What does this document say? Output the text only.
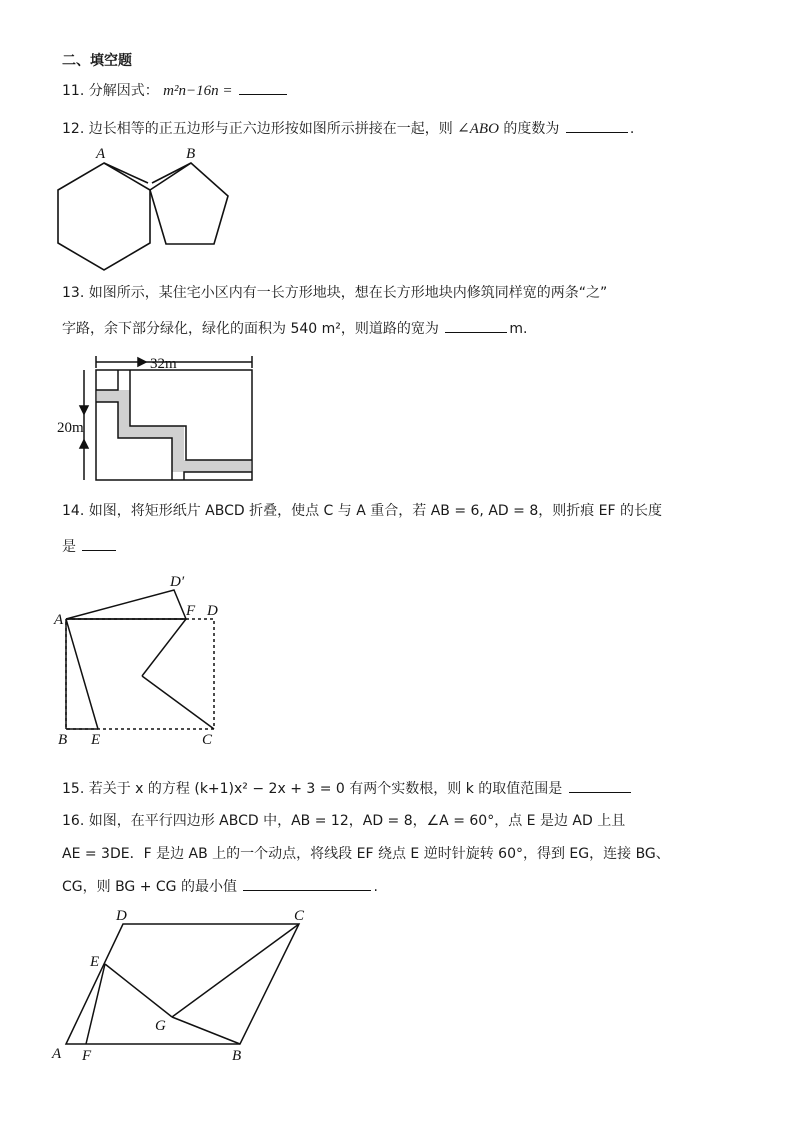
二、填空题
11. 分解因式： m²n−16n =
12. 边长相等的正五边形与正六边形按如图所示拼接在一起，则 ∠ABO 的度数为	.
13. 如图所示，某住宅小区内有一长方形地块，想在长方形地块内修筑同样宽的两条“之”
字路，余下部分绿化，绿化的面积为 540 m²，则道路的宽为	m.
14. 如图，将矩形纸片 ABCD 折叠，使点 C 与 A 重合，若 AB = 6, AD = 8，则折痕 EF 的长度
是
15. 若关于 x 的方程 (k+1)x² − 2x + 3 = 0 有两个实数根，则 k 的取值范围是
16. 如图，在平行四边形 ABCD 中，AB = 12，AD = 8，∠A = 60°，点 E 是边 AD 上且
AE = 3DE．F 是边 AB 上的一个动点，将线段 EF 绕点 E 逆时针旋转 60°，得到 EG，连接 BG、
CG，则 BG + CG 的最小值	.
A	B
32m
20m
D′
A
F D
B E	C
D	C
E
G
A F	B
